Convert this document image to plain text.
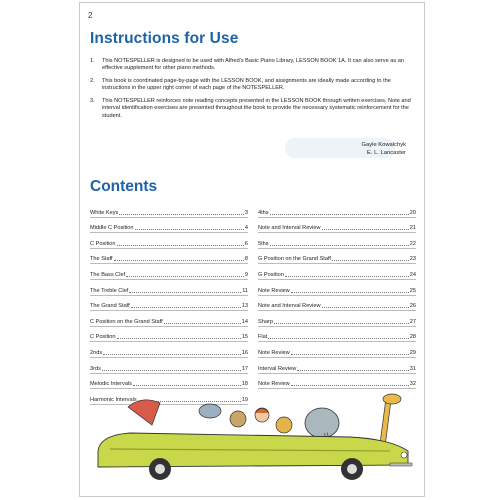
2
Instructions for Use
1. This NOTESPELLER is designed to be used with Alfred's Basic Piano Library, LESSON BOOK 1A. It can also serve as an effective supplement for other piano methods.
2. This book is coordinated page-by-page with the LESSON BOOK, and assignments are ideally made according to the instructions in the upper right corner of each page of the NOTESPELLER.
3. This NOTESPELLER reinforces note reading concepts presented in the LESSON BOOK through written exercises. Note and interval identification exercises are presented throughout the book to provide the necessary systematic reinforcement for the student.
Gayle Kowalchyk
E. L. Lancaster
Contents
White Keys	3
Middle C Position	4
C Position	6
The Staff	8
The Bass Clef	9
The Treble Clef	11
The Grand Staff	13
C Position on the Grand Staff	14
C Position	15
2nds	16
3rds	17
Melodic Intervals	18
Harmonic Intervals	19
4ths	20
Note and Interval Review	21
5ths	22
G Position on the Grand Staff	23
G Position	24
Note Review	25
Note and Interval Review	26
Sharp	27
Flat	28
Note Review	29
Interval Review	31
Note Review	32
